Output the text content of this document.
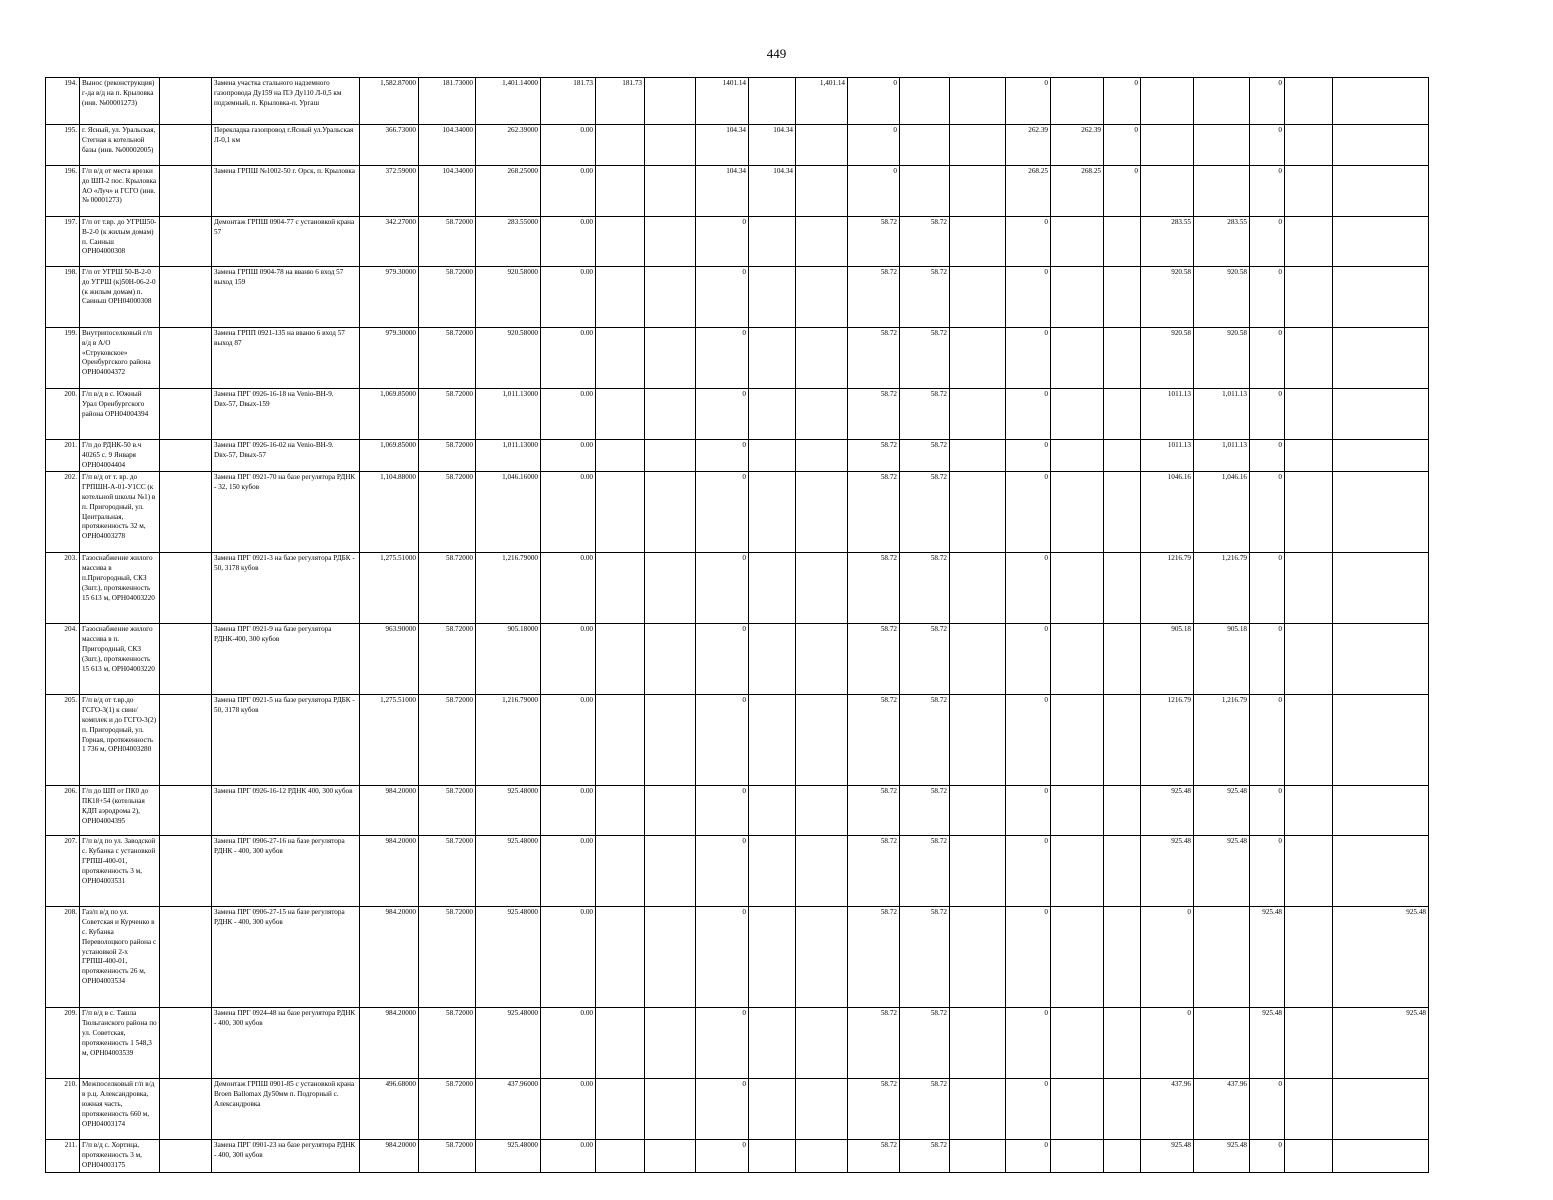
449
194.	Вынос (реконструкция) г-да в/д на п. Крыловка (инв. №00001273)		Замена участка стального надземного газопровода Ду159 на ПЭ Ду110 Л-0,5 км подземный, п. Крыловка-п. Ургаш	1,582.87000	181.73000	1,401.14000	181.73	181.73		1401.14		1,401.14	0			0		0			0		
195.	г. Ясный, ул. Уральская, Стегная к котельной базы (инв. №00002005)		Перекладка газопровод г.Ясный ул.Уральская Л-0,1 км	366.73000	104.34000	262.39000	0.00			104.34	104.34		0			262.39	262.39	0			0		
196.	Г/п в/д от места врезки до ШП-2 пос. Крыловка АО «Луч» и ГСГО (инв. № 00001273)		Замена ГРПШ №1002-50 г. Орск, п. Крыловка	372.59000	104.34000	268.25000	0.00			104.34	104.34		0			268.25	268.25	0			0		
197.	Г/п от т.вр. до УГРШ50-В-2-0 (к жилым домам) п. Саиньш ОРН04000308		Демонтаж ГРПШ 0904-77 с установкой крана 57	342.27000	58.72000	283.55000	0.00			0			58.72	58.72		0			283.55	283.55	0		
198.	Г/п от УГРШ 50-В-2-0 до УГРШ (к)50Н-06-2-0 (к жилым домам) п. Саиньш ОРН04000308		Замена ГРПШ 0904-78 на вваню 6 вход 57 выход 159	979.30000	58.72000	920.58000	0.00			0			58.72	58.72		0			920.58	920.58	0		
199.	Внутрипоселковый г/п в/д в А/О «Струковское» Оренбургского района ОРН04004372		Замена ГРПП 0921-135 на вваню 6 вход 57 выход 87	979.30000	58.72000	920.58000	0.00			0			58.72	58.72		0			920.58	920.58	0		
200.	Г/п в/д в с. Южный Урал Оренбургского района ОРН04004394		Замена ПРГ 0926-16-18 на Venio-ВН-9. Dвх-57, Dвых-159	1,069.85000	58.72000	1,011.13000	0.00			0			58.72	58.72		0			1011.13	1,011.13	0		
201.	Г/п до РДНК-50 в.ч 40265 с. 9 Января ОРН04004404		Замена ПРГ 0926-16-02 на Venio-ВН-9. Dвх-57, Dвых-57	1,069.85000	58.72000	1,011.13000	0.00			0			58.72	58.72		0			1011.13	1,011.13	0		
202.	Г/п в/д от т. вр. до ГРПШН-А-01-У1СС (к котельной школы №1) в п. Пригородный, ул. Центральная, протяженность 32 м, ОРН04003278		Замена ПРГ 0921-70 на базе регулятора РДНК - 32, 150 кубов	1,104.88000	58.72000	1,046.16000	0.00			0			58.72	58.72		0			1046.16	1,046.16	0		
203.	Газоснабжение жилого массива в п.Пригородный, СКЗ (3шт.), протяженность 15 613 м, ОРН04003220		Замена ПРГ 0921-3 на базе регулятора РДБК - 50, 3178 кубов	1,275.51000	58.72000	1,216.79000	0.00			0			58.72	58.72		0			1216.79	1,216.79	0		
204.	Газоснабжение жилого массива в п. Пригородный, СКЗ (3шт.), протяженность 15 613 м, ОРН04003220		Замена ПРГ 0921-9 на базе регулятора РДНК-400, 300 кубов	963.90000	58.72000	905.18000	0.00			0			58.72	58.72		0			905.18	905.18	0		
205.	Г/п в/д от т.вр.до ГСГО-3(1) к свин/комплек и до ГСГО-3(2) п. Пригородный, ул. Горная, протяженность 1 736 м, ОРН04003280		Замена ПРГ 0921-5 на базе регулятора РДБК - 50, 3178 кубов	1,275.51000	58.72000	1,216.79000	0.00			0			58.72	58.72		0			1216.79	1,216.79	0		
206.	Г/п до ШП от ПК0 до ПК18+54 (котельная КДП аэродрома 2), ОРН04004395		Замена ПРГ 0926-16-12 РДНК 400, 300 кубов	984.20000	58.72000	925.48000	0.00			0			58.72	58.72		0			925.48	925.48	0		
207.	Г/п в/д по ул. Заводской с. Кубанка с установкой ГРПШ-400-01, протяженность 3 м, ОРН04003531		Замена ПРГ 0906-27-16 на базе регулятора РДНК - 400, 300 кубов	984.20000	58.72000	925.48000	0.00			0			58.72	58.72		0			925.48	925.48	0		
208.	Газ/п в/д по ул. Советская и Курченко в с. Кубанка Переволоцкого района с установкой 2-х ГРПШ-400-01, протяженность 26 м, ОРН04003534		Замена ПРГ 0906-27-15 на базе регулятора РДНК - 400, 300 кубов	984.20000	58.72000	925.48000	0.00			0			58.72	58.72		0			0		925.48		925.48
209.	Г/п в/д в с. Ташла Тюльганского района по ул. Советская, протяженность 1 548,3 м, ОРН04003539		Замена ПРГ 0924-48 на базе регулятора РДНК - 400, 300 кубов	984.20000	58.72000	925.48000	0.00			0			58.72	58.72		0			0		925.48		925.48
210.	Межпоселковый г/п в/д в р.ц. Александровка, южная часть, протяженность 660 м, ОРН04003174		Демонтаж ГРПШ 0901-85 с установкой крана Broen Ballomax Ду50мм п. Подгорный с. Александровка	496.68000	58.72000	437.96000	0.00			0			58.72	58.72		0			437.96	437.96	0		
211.	Г/п в/д с. Хортица, протяженность 3 м, ОРН04003175		Замена ПРГ 0901-23 на базе регулятора РДНК - 400, 300 кубов	984.20000	58.72000	925.48000	0.00			0			58.72	58.72		0			925.48	925.48	0		
